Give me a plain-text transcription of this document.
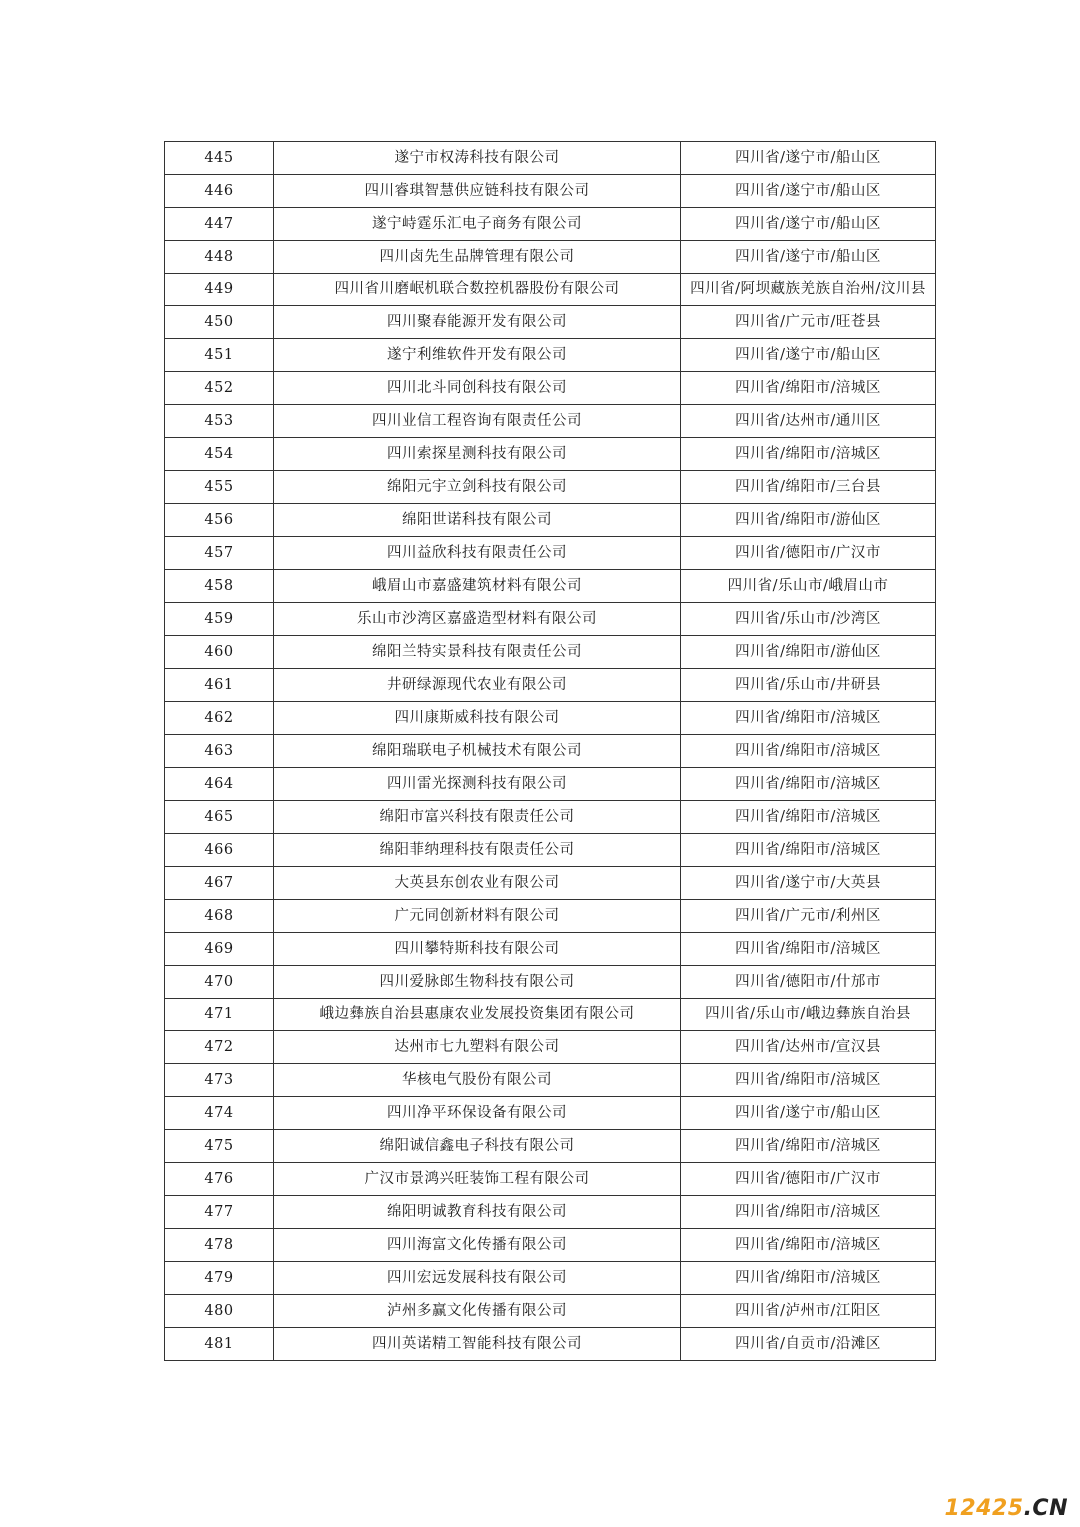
445	遂宁市权涛科技有限公司	四川省/遂宁市/船山区
446	四川睿琪智慧供应链科技有限公司	四川省/遂宁市/船山区
447	遂宁峙霆乐汇电子商务有限公司	四川省/遂宁市/船山区
448	四川卤先生品牌管理有限公司	四川省/遂宁市/船山区
449	四川省川磨岷机联合数控机器股份有限公司	四川省/阿坝藏族羌族自治州/汶川县
450	四川聚春能源开发有限公司	四川省/广元市/旺苍县
451	遂宁利维软件开发有限公司	四川省/遂宁市/船山区
452	四川北斗同创科技有限公司	四川省/绵阳市/涪城区
453	四川业信工程咨询有限责任公司	四川省/达州市/通川区
454	四川索探星测科技有限公司	四川省/绵阳市/涪城区
455	绵阳元宇立剑科技有限公司	四川省/绵阳市/三台县
456	绵阳世诺科技有限公司	四川省/绵阳市/游仙区
457	四川益欣科技有限责任公司	四川省/德阳市/广汉市
458	峨眉山市嘉盛建筑材料有限公司	四川省/乐山市/峨眉山市
459	乐山市沙湾区嘉盛造型材料有限公司	四川省/乐山市/沙湾区
460	绵阳兰特实景科技有限责任公司	四川省/绵阳市/游仙区
461	井研绿源现代农业有限公司	四川省/乐山市/井研县
462	四川康斯威科技有限公司	四川省/绵阳市/涪城区
463	绵阳瑞联电子机械技术有限公司	四川省/绵阳市/涪城区
464	四川雷光探测科技有限公司	四川省/绵阳市/涪城区
465	绵阳市富兴科技有限责任公司	四川省/绵阳市/涪城区
466	绵阳菲纳理科技有限责任公司	四川省/绵阳市/涪城区
467	大英县东创农业有限公司	四川省/遂宁市/大英县
468	广元同创新材料有限公司	四川省/广元市/利州区
469	四川攀特斯科技有限公司	四川省/绵阳市/涪城区
470	四川爱脉郎生物科技有限公司	四川省/德阳市/什邡市
471	峨边彝族自治县惠康农业发展投资集团有限公司	四川省/乐山市/峨边彝族自治县
472	达州市七九塑料有限公司	四川省/达州市/宣汉县
473	华核电气股份有限公司	四川省/绵阳市/涪城区
474	四川净平环保设备有限公司	四川省/遂宁市/船山区
475	绵阳诚信鑫电子科技有限公司	四川省/绵阳市/涪城区
476	广汉市景鸿兴旺装饰工程有限公司	四川省/德阳市/广汉市
477	绵阳明诚教育科技有限公司	四川省/绵阳市/涪城区
478	四川海富文化传播有限公司	四川省/绵阳市/涪城区
479	四川宏远发展科技有限公司	四川省/绵阳市/涪城区
480	泸州多赢文化传播有限公司	四川省/泸州市/江阳区
481	四川英诺精工智能科技有限公司	四川省/自贡市/沿滩区
12425.CN
